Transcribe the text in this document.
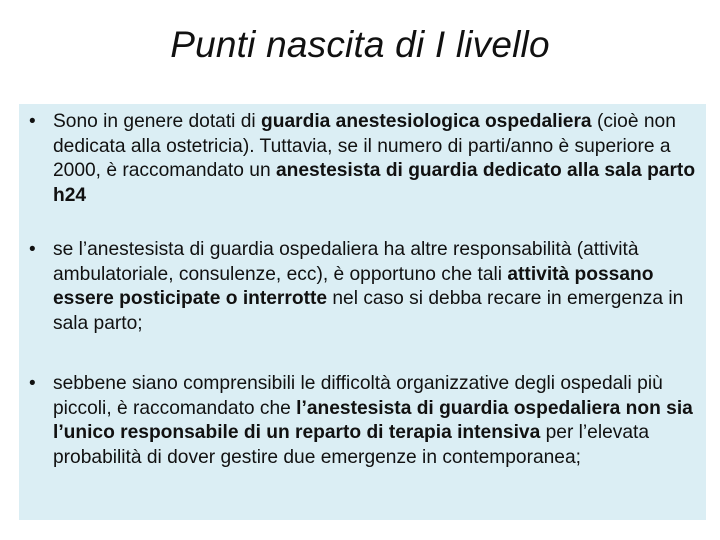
Punti nascita di I livello
• Sono in genere dotati di guardia anestesiologica ospedaliera (cioè non dedicata alla ostetricia). Tuttavia, se il numero di parti/anno è superiore a 2000, è raccomandato un anestesista di guardia dedicato alla sala parto h24
• se l’anestesista di guardia ospedaliera ha altre responsabilità (attività ambulatoriale, consulenze, ecc), è opportuno che tali attività possano essere posticipate o interrotte nel caso si debba recare in emergenza in sala parto;
• sebbene siano comprensibili le difficoltà organizzative degli ospedali più piccoli, è raccomandato che l’anestesista di guardia ospedaliera non sia l’unico responsabile di un reparto di terapia intensiva per l’elevata probabilità di dover gestire due emergenze in contemporanea;
